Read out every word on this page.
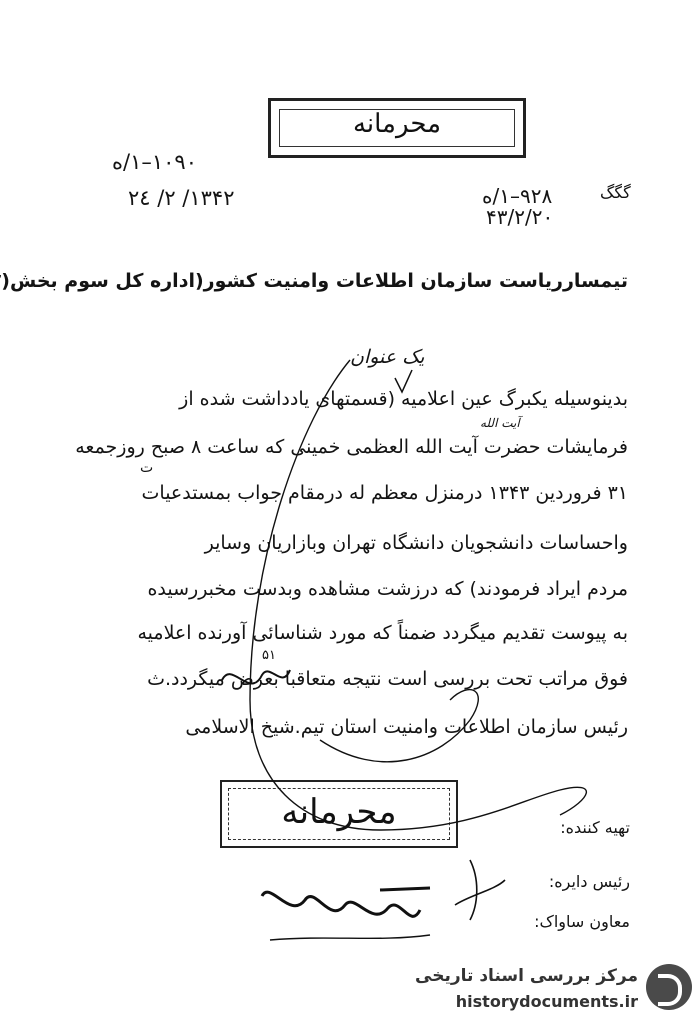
محرمانه
۱۰۹۰–۱/ه
۱۳۴۲/ ۲/ ۲٤	گگگ
۹۲۸–۱/ه
۴۳/۲/۲۰
تیمسارریاست سازمان اطلاعات وامنیت کشور(اداره کل سوم بخش(
یک عنوان
بدینوسیله یکبرگ عین اعلامیه (قسمتهای یادداشت شده از
آیت الله
فرمایشات حضرت آیت الله العظمی خمینی که ساعت ۸ صبح روزجمعه
ت
۳۱ فروردین ۱۳۴۳ درمنزل معظم له درمقام جواب بمستدعیات
واحساسات دانشجویان دانشگاه تهران وبازاریان وسایر
مردم ایراد فرمودند) که درزشت مشاهده وبدست مخبررسیده
به پیوست تقدیم میگردد ضمناً که مورد شناسائی آورنده اعلامیه
۵۱
فوق مراتب تحت بررسی است نتیجه متعاقبا بعرض میگردد.ث
رئیس سازمان اطلاعات وامنیت استان تیم.شیخ الاسلامی
محرمانه	تهیه کننده:
رئیس دایره:
معاون ساواک:
مرکز بررسی اسناد تاریخی
historydocuments.ir
